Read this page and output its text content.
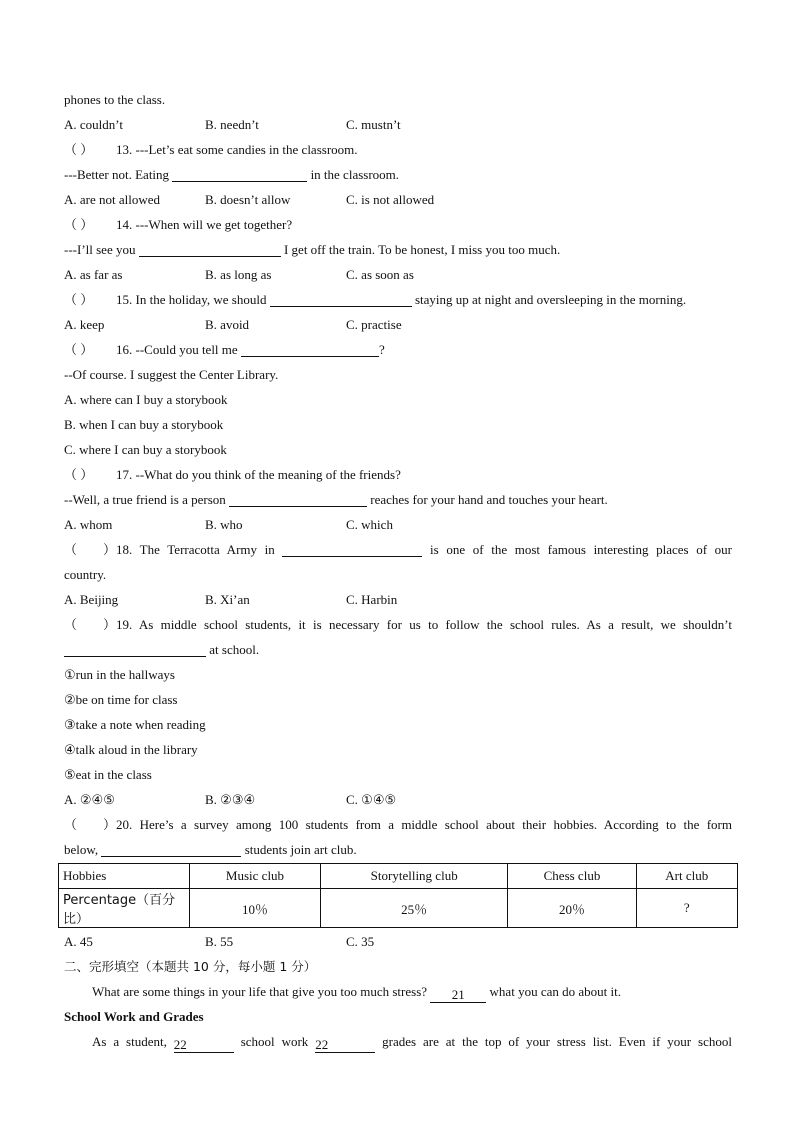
phones to the class.
A. couldn’t	B. needn’t	C. mustn’t
（ ） 13. ---Let’s eat some candies in the classroom.
---Better not. Eating	in the classroom.
A. are not allowed	B. doesn’t allow	C. is not allowed
（ ） 14. ---When will we get together?
---I’ll see you	I get off the train. To be honest, I miss you too much.
A. as far as	B. as long as	C. as soon as
（ ） 15. In the holiday, we should	staying up at night and oversleeping in the morning.
A. keep	B. avoid	C. practise
（ ） 16. --Could you tell me	?
--Of course. I suggest the Center Library.
A. where can I buy a storybook
B. when I can buy a storybook
C. where I can buy a storybook
（ ） 17. --What do you think of the meaning of the friends?
--Well, a true friend is a person	reaches for your hand and touches your heart.
A. whom	B. who	C. which
（ ）18. The Terracotta Army in	is one of the most famous interesting places of our
country.
A. Beijing	B. Xi’an	C. Harbin
（ ）19. As middle school students, it is necessary for us to follow the school rules. As a result, we shouldn’t
at school.
①run in the hallways
②be on time for class
③take a note when reading
④talk aloud in the library
⑤eat in the class
A. ②④⑤	B. ②③④	C. ①④⑤
（ ）20. Here’s a survey among 100 students from a middle school about their hobbies. According to the form
below,	students join art club.
Hobbies	Music club	Storytelling club	Chess club	Art club
Percentage（百分比）	10％	25％	20％	?
A. 45	B. 55	C. 35
二、完形填空（本题共 10 分，每小题 1 分）
What are some things in your life that give you too much stress? 21 what you can do about it.
School Work and Grades
As a student, 22	school work 22	grades are at the top of your stress list. Even if your school
